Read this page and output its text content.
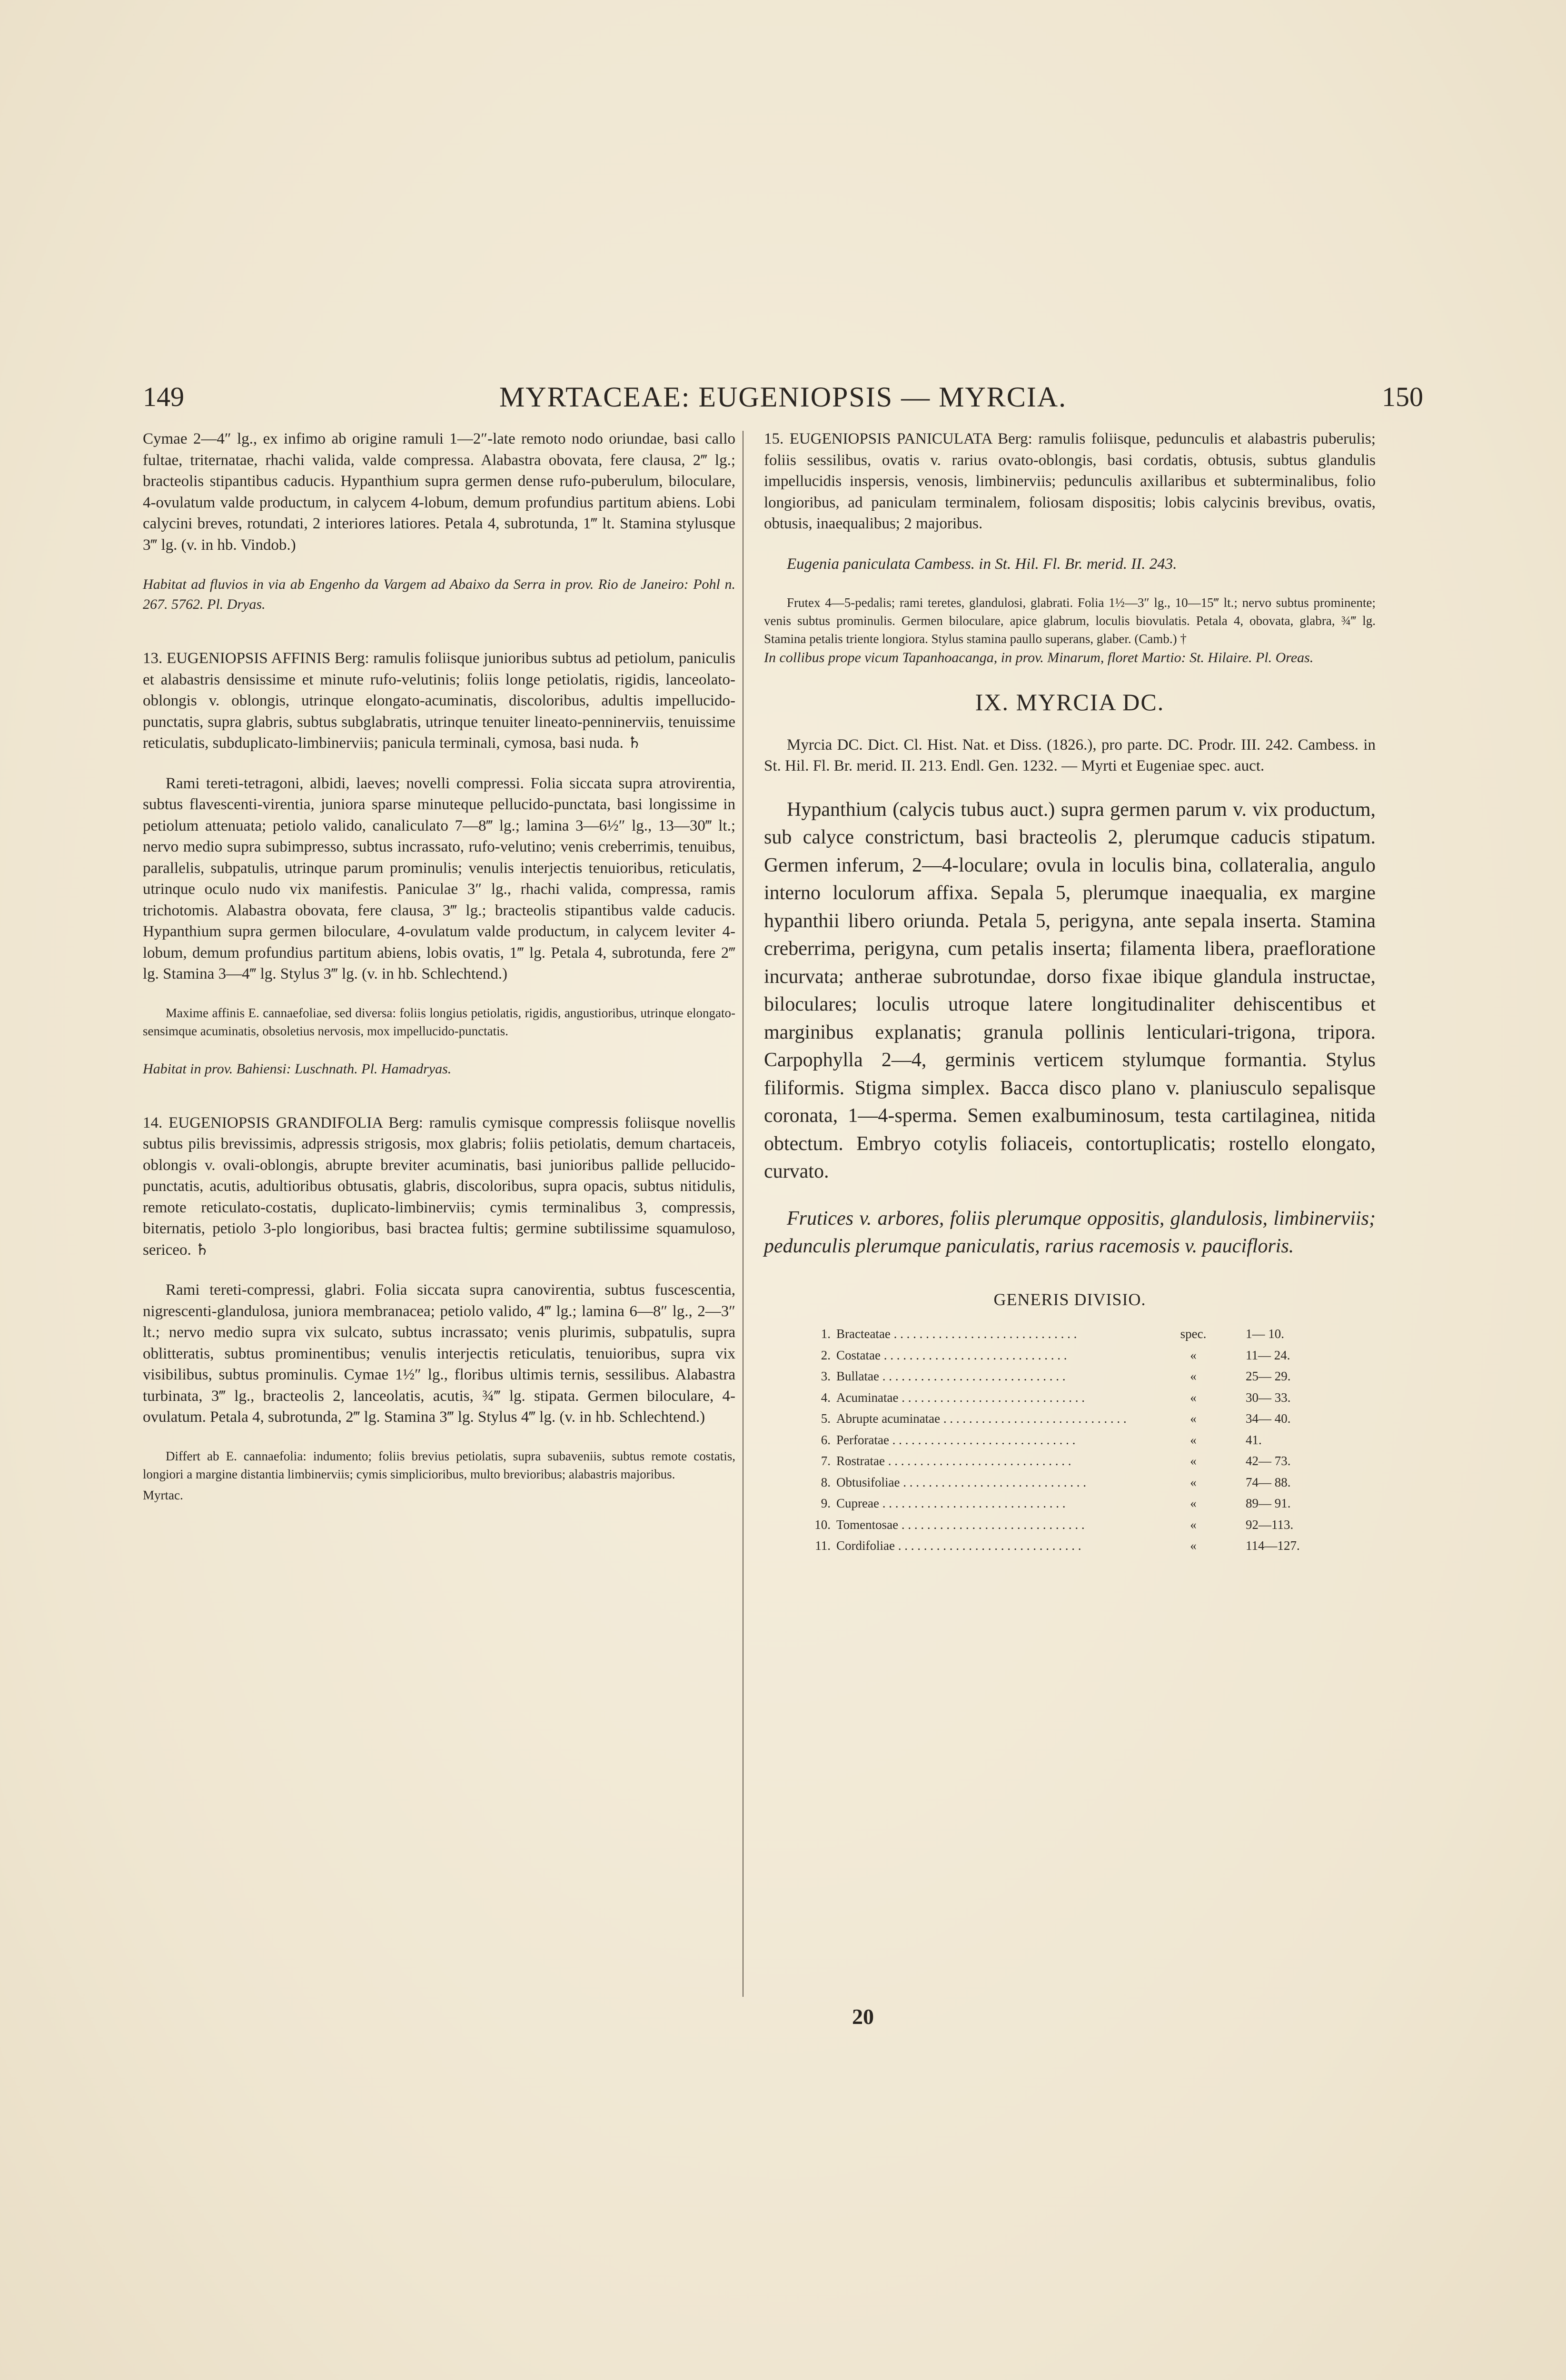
149	MYRTACEAE: EUGENIOPSIS — MYRCIA.	150

Cymae 2—4″ lg., ex infimo ab origine ramuli 1—2″-late remoto nodo oriundae, basi callo fultae, triternatae, rhachi valida, valde compressa. Alabastra obovata, fere clausa, 2‴ lg.; bracteolis stipantibus caducis. Hypanthium supra germen dense rufo-puberulum, biloculare, 4-ovulatum valde productum, in calycem 4-lobum, demum profundius partitum abiens. Lobi calycini breves, rotundati, 2 interiores latiores. Petala 4, subrotunda, 1‴ lt. Stamina stylusque 3‴ lg. (v. in hb. Vindob.)

Habitat ad fluvios in via ab Engenho da Vargem ad Abaixo da Serra in prov. Rio de Janeiro: Pohl n. 267. 5762. Pl. Dryas.

13. EUGENIOPSIS AFFINIS Berg: ramulis foliisque junioribus subtus ad petiolum, paniculis et alabastris densissime et minute rufo-velutinis; foliis longe petiolatis, rigidis, lanceolato-oblongis v. oblongis, utrinque elongato-acuminatis, discoloribus, adultis impellucido-punctatis, supra glabris, subtus subglabratis, utrinque tenuiter lineato-penninerviis, tenuissime reticulatis, subduplicato-limbinerviis; panicula terminali, cymosa, basi nuda. ♄

Rami tereti-tetragoni, albidi, laeves; novelli compressi. Folia siccata supra atrovirentia, subtus flavescenti-virentia, juniora sparse minuteque pellucido-punctata, basi longissime in petiolum attenuata; petiolo valido, canaliculato 7—8‴ lg.; lamina 3—6½″ lg., 13—30‴ lt.; nervo medio supra subimpresso, subtus incrassato, rufo-velutino; venis creberrimis, tenuibus, parallelis, subpatulis, utrinque parum prominulis; venulis interjectis tenuioribus, reticulatis, utrinque oculo nudo vix manifestis. Paniculae 3″ lg., rhachi valida, compressa, ramis trichotomis. Alabastra obovata, fere clausa, 3‴ lg.; bracteolis stipantibus valde caducis. Hypanthium supra germen biloculare, 4-ovulatum valde productum, in calycem leviter 4-lobum, demum profundius partitum abiens, lobis ovatis, 1‴ lg. Petala 4, subrotunda, fere 2‴ lg. Stamina 3—4‴ lg. Stylus 3‴ lg. (v. in hb. Schlechtend.)

Maxime affinis E. cannaefoliae, sed diversa: foliis longius petiolatis, rigidis, angustioribus, utrinque elongato-sensimque acuminatis, obsoletius nervosis, mox impellucido-punctatis.

Habitat in prov. Bahiensi: Luschnath. Pl. Hamadryas.

14. EUGENIOPSIS GRANDIFOLIA Berg: ramulis cymisque compressis foliisque novellis subtus pilis brevissimis, adpressis strigosis, mox glabris; foliis petiolatis, demum chartaceis, oblongis v. ovali-oblongis, abrupte breviter acuminatis, basi junioribus pallide pellucido-punctatis, acutis, adultioribus obtusatis, glabris, discoloribus, supra opacis, subtus nitidulis, remote reticulato-costatis, duplicato-limbinerviis; cymis terminalibus 3, compressis, biternatis, petiolo 3-plo longioribus, basi bractea fultis; germine subtilissime squamuloso, sericeo. ♄

Rami tereti-compressi, glabri. Folia siccata supra canovirentia, subtus fuscescentia, nigrescenti-glandulosa, juniora membranacea; petiolo valido, 4‴ lg.; lamina 6—8″ lg., 2—3″ lt.; nervo medio supra vix sulcato, subtus incrassato; venis plurimis, subpatulis, supra oblitteratis, subtus prominentibus; venulis interjectis reticulatis, tenuioribus, supra vix visibilibus, subtus prominulis. Cymae 1½″ lg., floribus ultimis ternis, sessilibus. Alabastra turbinata, 3‴ lg., bracteolis 2, lanceolatis, acutis, ¾‴ lg. stipata. Germen biloculare, 4-ovulatum. Petala 4, subrotunda, 2‴ lg. Stamina 3‴ lg. Stylus 4‴ lg. (v. in hb. Schlechtend.)

Differt ab E. cannaefolia: indumento; foliis brevius petiolatis, supra subaveniis, subtus remote costatis, longiori a margine distantia limbinerviis; cymis simplicioribus, multo brevioribus; alabastris majoribus.

Myrtac.

15. EUGENIOPSIS PANICULATA Berg: ramulis foliisque, pedunculis et alabastris puberulis; foliis sessilibus, ovatis v. rarius ovato-oblongis, basi cordatis, obtusis, subtus glandulis impellucidis inspersis, venosis, limbinerviis; pedunculis axillaribus et subterminalibus, folio longioribus, ad paniculam terminalem, foliosam dispositis; lobis calycinis brevibus, ovatis, obtusis, inaequalibus; 2 majoribus.

Eugenia paniculata Cambess. in St. Hil. Fl. Br. merid. II. 243.

Frutex 4—5-pedalis; rami teretes, glandulosi, glabrati. Folia 1½—3″ lg., 10—15‴ lt.; nervo subtus prominente; venis subtus prominulis. Germen biloculare, apice glabrum, loculis biovulatis. Petala 4, obovata, glabra, ¾‴ lg. Stamina petalis triente longiora. Stylus stamina paullo superans, glaber. (Camb.) †

In collibus prope vicum Tapanhoacanga, in prov. Minarum, floret Martio: St. Hilaire. Pl. Oreas.

IX. MYRCIA DC.

Myrcia DC. Dict. Cl. Hist. Nat. et Diss. (1826.), pro parte. DC. Prodr. III. 242. Cambess. in St. Hil. Fl. Br. merid. II. 213. Endl. Gen. 1232. — Myrti et Eugeniae spec. auct.

Hypanthium (calycis tubus auct.) supra germen parum v. vix productum, sub calyce constrictum, basi bracteolis 2, plerumque caducis stipatum. Germen inferum, 2—4-loculare; ovula in loculis bina, collateralia, angulo interno loculorum affixa. Sepala 5, plerumque inaequalia, ex margine hypanthii libero oriunda. Petala 5, perigyna, ante sepala inserta. Stamina creberrima, perigyna, cum petalis inserta; filamenta libera, praefloratione incurvata; antherae subrotundae, dorso fixae ibique glandula instructae, biloculares; loculis utroque latere longitudinaliter dehiscentibus et marginibus explanatis; granula pollinis lenticulari-trigona, tripora. Carpophylla 2—4, germinis verticem stylumque formantia. Stylus filiformis. Stigma simplex. Bacca disco plano v. planiusculo sepalisque coronata, 1—4-sperma. Semen exalbuminosum, testa cartilaginea, nitida obtectum. Embryo cotylis foliaceis, contortuplicatis; rostello elongato, curvato.

Frutices v. arbores, foliis plerumque oppositis, glandulosis, limbinerviis; pedunculis plerumque paniculatis, rarius racemosis v. paucifloris.

GENERIS DIVISIO.
1.	Bracteatae . . . . . . . . . . . . . . . . . . . . . . . . . . . . .	spec.	1— 10.
2.	Costatae . . . . . . . . . . . . . . . . . . . . . . . . . . . . .	«	11— 24.
3.	Bullatae . . . . . . . . . . . . . . . . . . . . . . . . . . . . .	«	25— 29.
4.	Acuminatae . . . . . . . . . . . . . . . . . . . . . . . . . . . . .	«	30— 33.
5.	Abrupte acuminatae . . . . . . . . . . . . . . . . . . . . . . . . . . . . .	«	34— 40.
6.	Perforatae . . . . . . . . . . . . . . . . . . . . . . . . . . . . .	«	41.
7.	Rostratae . . . . . . . . . . . . . . . . . . . . . . . . . . . . .	«	42— 73.
8.	Obtusifoliae . . . . . . . . . . . . . . . . . . . . . . . . . . . . .	«	74— 88.
9.	Cupreae . . . . . . . . . . . . . . . . . . . . . . . . . . . . .	«	89— 91.
10.	Tomentosae . . . . . . . . . . . . . . . . . . . . . . . . . . . . .	«	92—113.
11.	Cordifoliae . . . . . . . . . . . . . . . . . . . . . . . . . . . . .	«	114—127.
20
